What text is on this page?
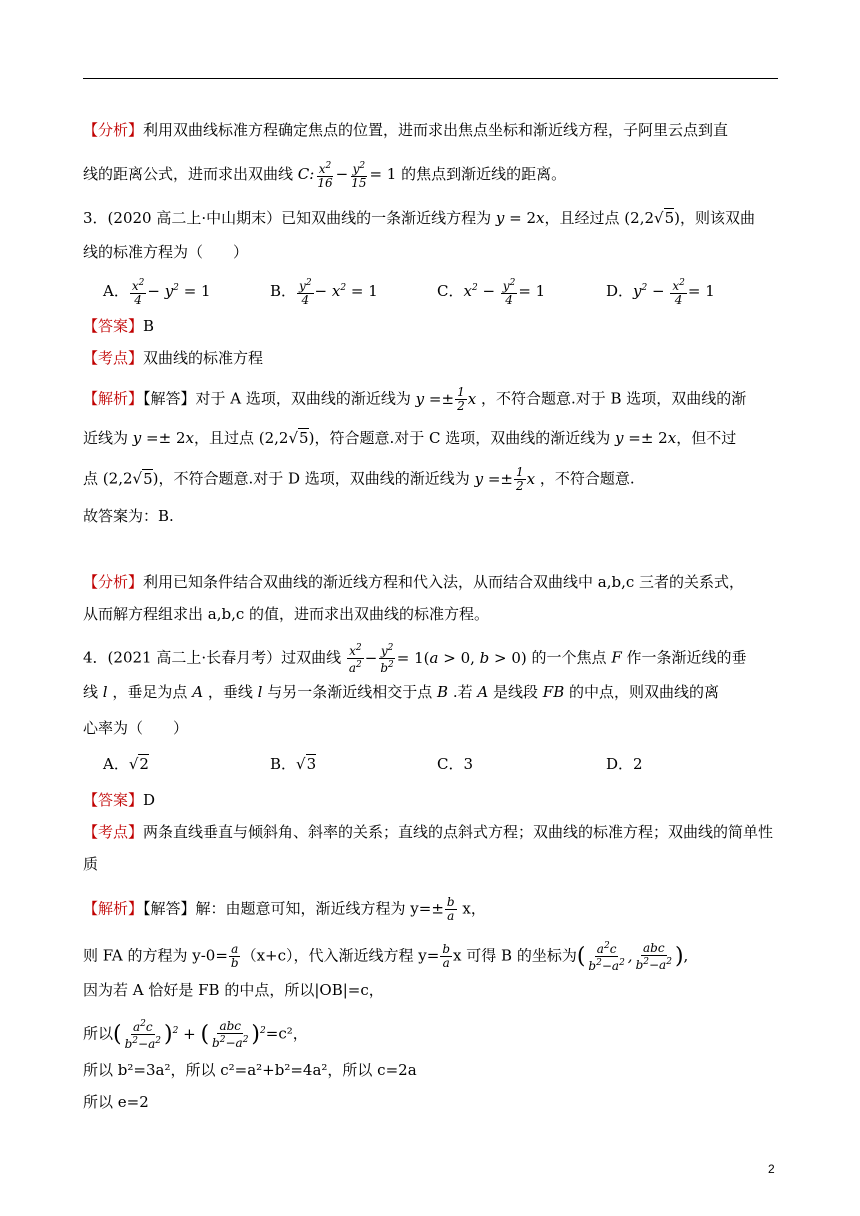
【分析】利用双曲线标准方程确定焦点的位置，进而求出焦点坐标和渐近线方程，子阿里云点到直
线的距离公式，进而求出双曲线 C: $\frac{x^2}{16} - \frac{y^2}{15} = 1$ 的焦点到渐近线的距离。
3．(2020 高二上·中山期末）已知双曲线的一条渐近线方程为 y = 2x，且经过点 (2,2√5)，则该双曲
线的标准方程为（　　）
A． $\frac{x^2}{4} - y^2 = 1$	B． $\frac{y^2}{4} - x^2 = 1$	C．$x^2 - \frac{y^2}{4} = 1$	D．$y^2 - \frac{x^2}{4} = 1$
【答案】B
【考点】双曲线的标准方程
【解析】【解答】对于 A 选项，双曲线的渐近线为 $y =\pm \frac{1}{2}$ x ，不符合题意.对于 B 选项，双曲线的渐
近线为 y =± 2x，且过点 (2,2√5)，符合题意.对于 C 选项，双曲线的渐近线为 y =± 2x，但不过
点 (2,2√5)，不符合题意.对于 D 选项，双曲线的渐近线为 $y =\pm \frac{1}{2}$ x ，不符合题意.
故答案为：B.
【分析】利用已知条件结合双曲线的渐近线方程和代入法，从而结合双曲线中 a,b,c 三者的关系式，
从而解方程组求出 a,b,c 的值，进而求出双曲线的标准方程。
4．(2021 高二上·长春月考）过双曲线 $\frac{x^2}{a^2} - \frac{y^2}{b^2} = 1(a > 0$, b > 0) 的一个焦点 F 作一条渐近线的垂
线 l ，垂足为点 A ，垂线 l 与另一条渐近线相交于点 B .若 A 是线段 FB 的中点，则双曲线的离
心率为（　　）
A．√2	B．√3	C．3	D．2
【答案】D
【考点】两条直线垂直与倾斜角、斜率的关系；直线的点斜式方程；双曲线的标准方程；双曲线的简单性
质
【解析】【解答】解：由题意可知，渐近线方程为 $y=\pm \frac{b}{a}$ x，
则 FA 的方程为 $y-0= \frac{a}{b} (x+c)$，代入渐近线方程 $y= \frac{b}{a}$ x 可得 B 的坐标为( $\frac{a^2c}{b^2-a^2}$ , $\frac{\text{abc}}{b^2-a^2}$ ),
因为若 A 恰好是 FB 的中点，所以|OB|=c，
所以( $\frac{a^2c}{b^2-a^2} )^2$ + ( $\frac{\text{abc}}{b^2-a^2} )^2=c^2$，
所以 b²=3a²，所以 c²=a²+b²=4a²，所以 c=2a
所以 e=2
2
